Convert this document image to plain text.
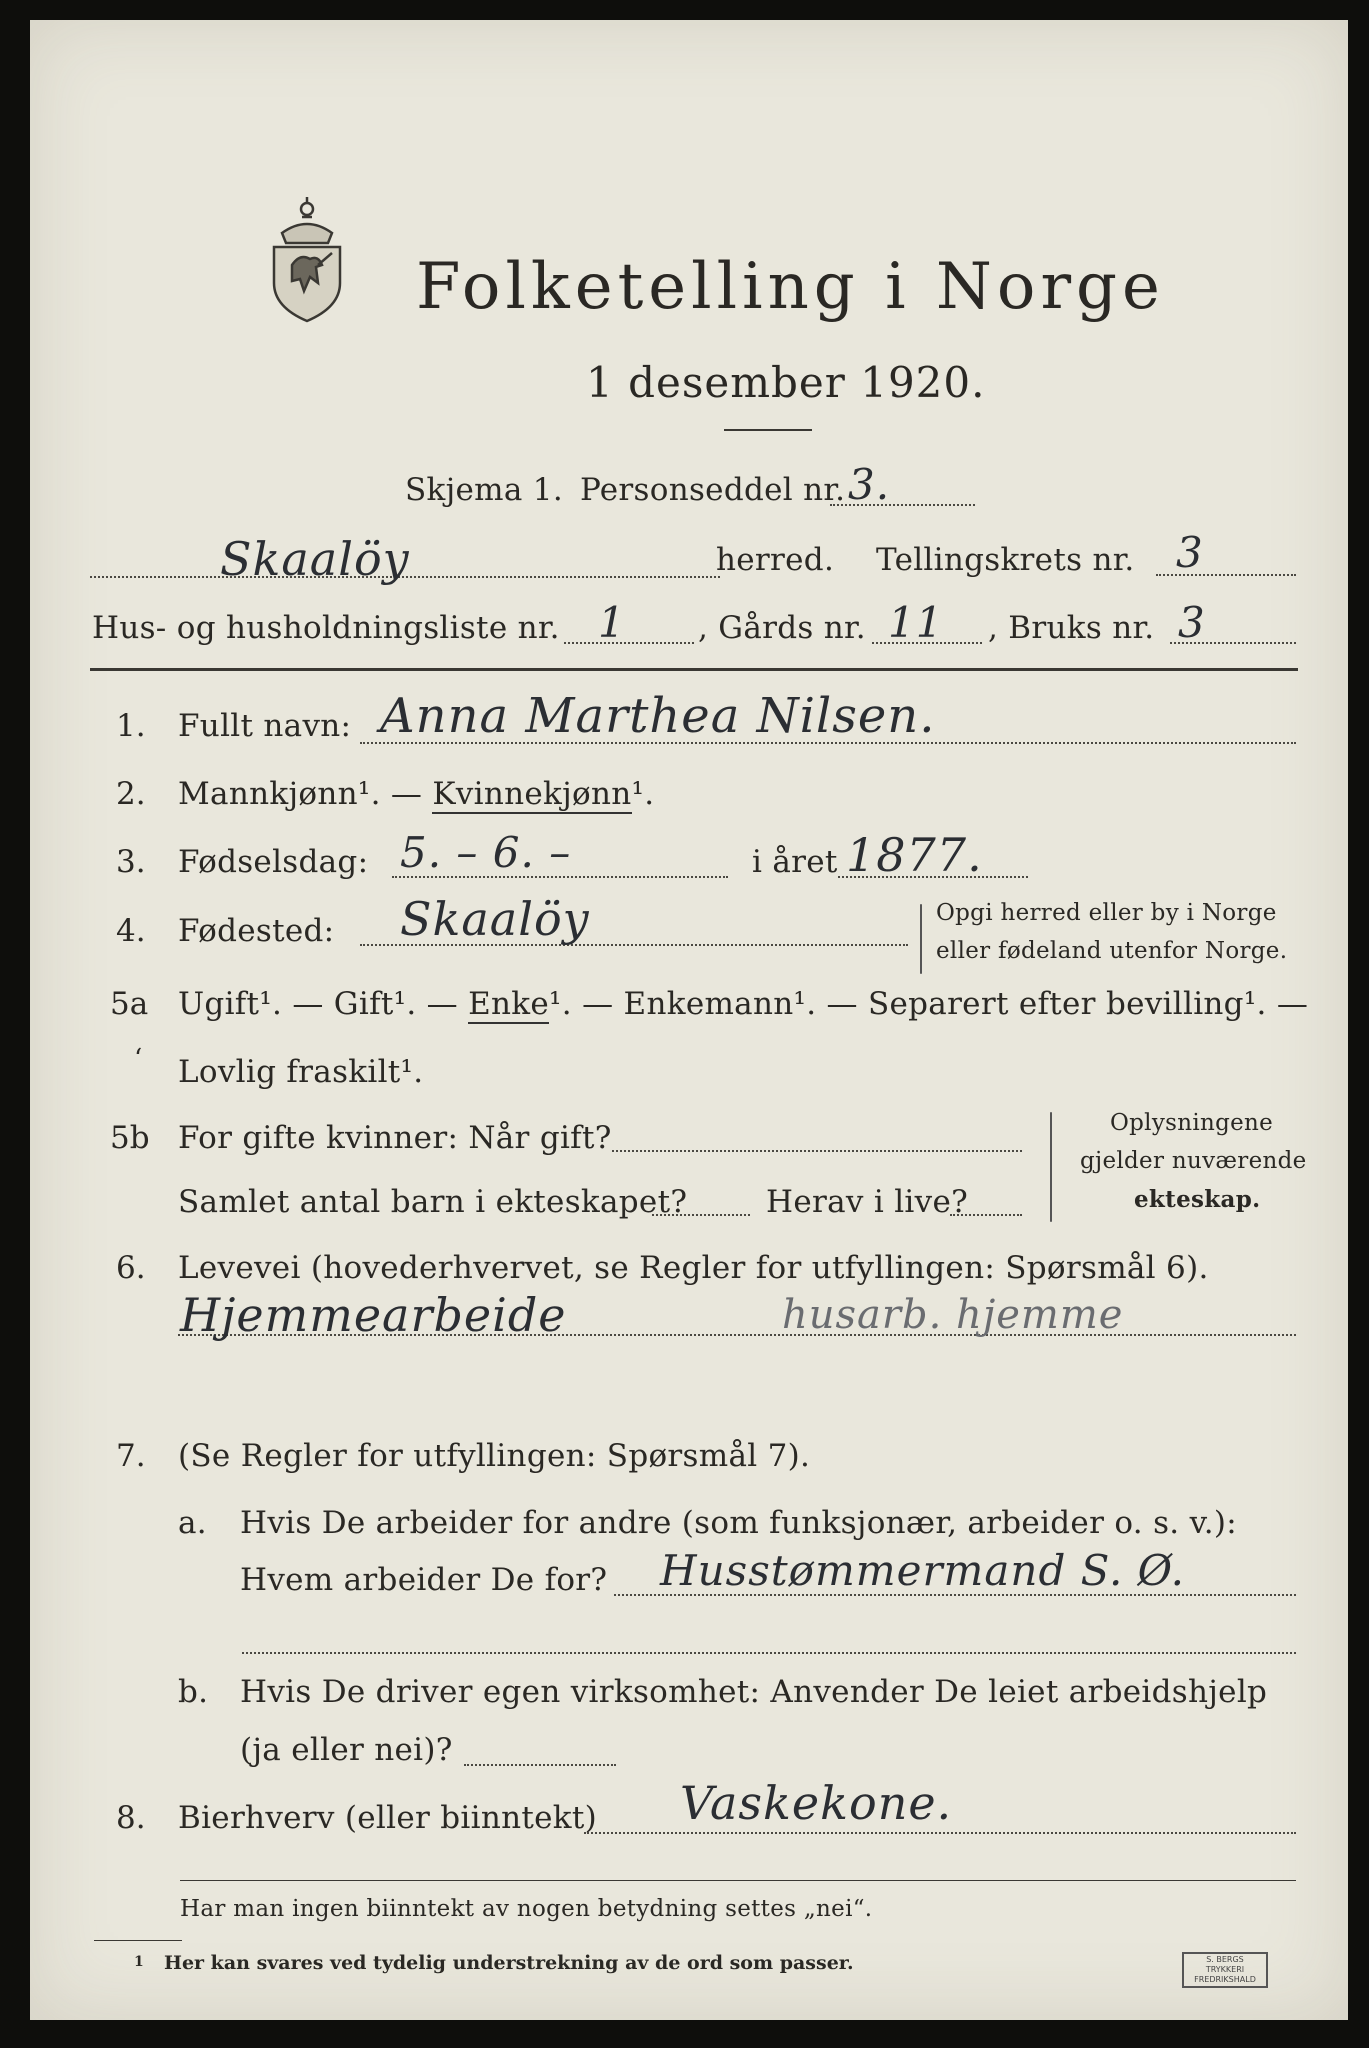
Folketelling i Norge
1 desember 1920.
Skjema 1. Personseddel nr. 3.
Skaalöy	herred. Tellingskrets nr. 3
Hus- og husholdningsliste nr. 1 , Gårds nr. 11 , Bruks nr. 3
1. Fullt navn: Anna Marthea Nilsen.
2. Mannkjønn¹. — Kvinnekjønn¹.
3. Fødselsdag: 5. – 6. –	i året 1877.
4. Fødested: Skaalöy	Opgi herred eller by i Norge
eller fødeland utenfor Norge.
5a Ugift¹. — Gift¹. — Enke¹. — Enkemann¹. — Separert efter bevilling¹. —
‘ Lovlig fraskilt¹.
5b For gifte kvinner: Når gift?
Samlet antal barn i ekteskapet?	Herav i live?
Oplysningene
gjelder nuværende
ekteskap.
6. Levevei (hovederhvervet, se Regler for utfyllingen: Spørsmål 6).
Hjemmearbeide	husarb. hjemme
7. (Se Regler for utfyllingen: Spørsmål 7).
a. Hvis De arbeider for andre (som funksjonær, arbeider o. s. v.):
Hvem arbeider De for? Husstømmermand S. Ø.
b. Hvis De driver egen virksomhet: Anvender De leiet arbeidshjelp
(ja eller nei)?
8. Bierhverv (eller biinntekt) Vaskekone.
Har man ingen biinntekt av nogen betydning settes „nei“.
1 Her kan svares ved tydelig understrekning av de ord som passer.	S. BERGS TRYKKERI
FREDRIKSHALD
